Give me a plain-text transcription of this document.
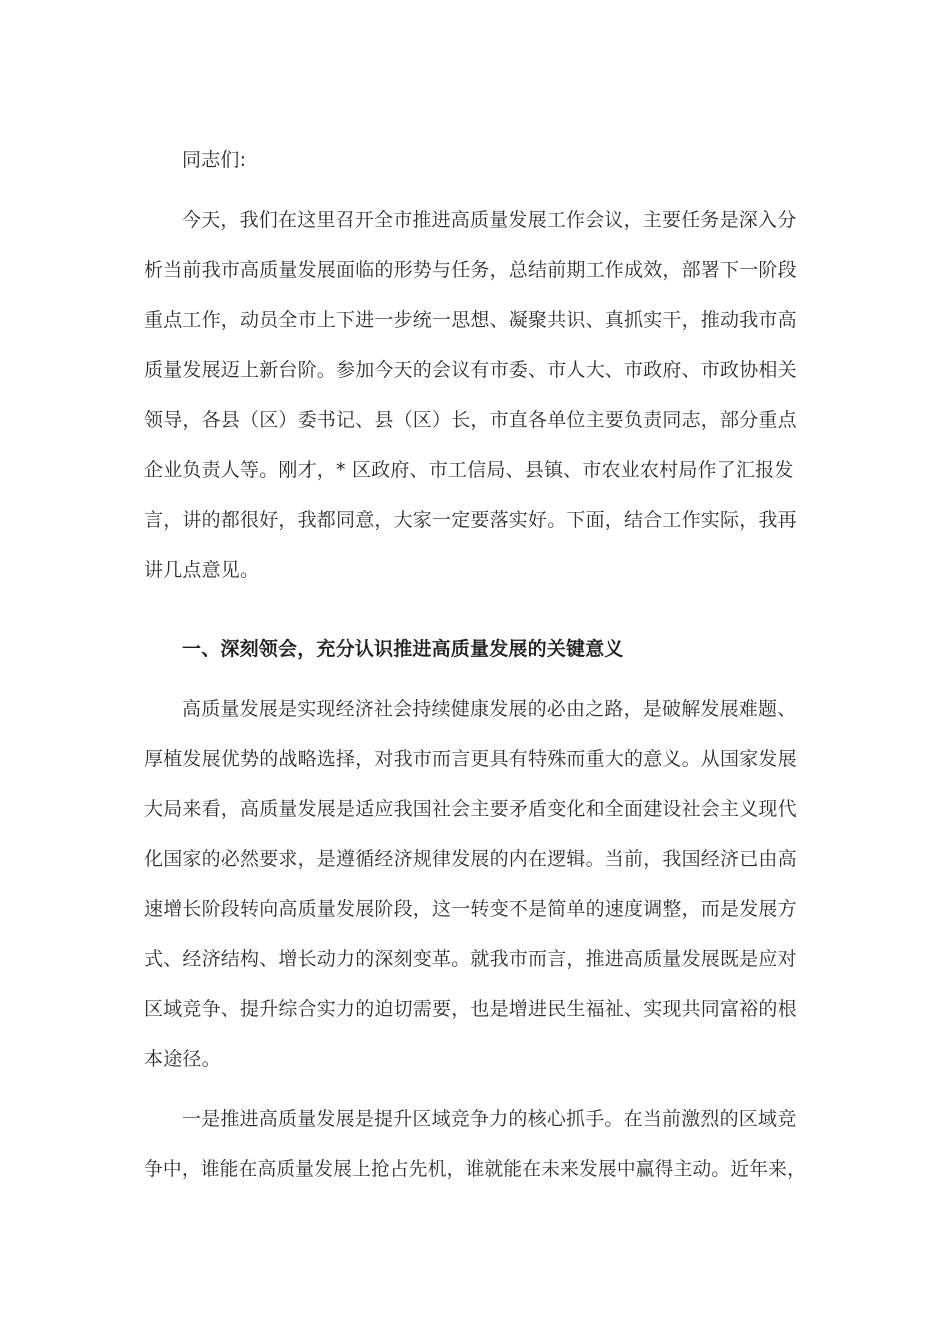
同志们:
今天，我们在这里召开全市推进高质量发展工作会议，主要任务是深入分
析当前我市高质量发展面临的形势与任务，总结前期工作成效，部署下一阶段
重点工作，动员全市上下进一步统一思想、凝聚共识、真抓实干，推动我市高
质量发展迈上新台阶。参加今天的会议有市委、市人大、市政府、市政协相关
领导，各县（区）委书记、县（区）长，市直各单位主要负责同志，部分重点
企业负责人等。刚才，* 区政府、市工信局、县镇、市农业农村局作了汇报发
言，讲的都很好，我都同意，大家一定要落实好。下面，结合工作实际，我再
讲几点意见。
一、深刻领会，充分认识推进高质量发展的关键意义
高质量发展是实现经济社会持续健康发展的必由之路，是破解发展难题、
厚植发展优势的战略选择，对我市而言更具有特殊而重大的意义。从国家发展
大局来看，高质量发展是适应我国社会主要矛盾变化和全面建设社会主义现代
化国家的必然要求，是遵循经济规律发展的内在逻辑。当前，我国经济已由高
速增长阶段转向高质量发展阶段，这一转变不是简单的速度调整，而是发展方
式、经济结构、增长动力的深刻变革。就我市而言，推进高质量发展既是应对
区域竞争、提升综合实力的迫切需要，也是增进民生福祉、实现共同富裕的根
本途径。
一是推进高质量发展是提升区域竞争力的核心抓手。在当前激烈的区域竞
争中，谁能在高质量发展上抢占先机，谁就能在未来发展中赢得主动。近年来，
